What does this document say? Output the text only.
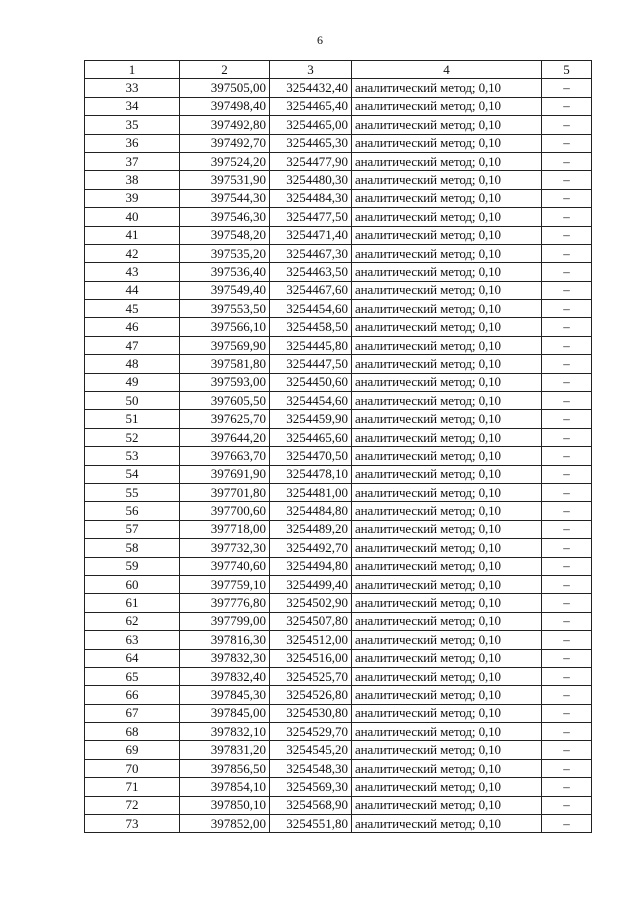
6
1	2	3	4	5
33	397505,00	3254432,40	аналитический метод; 0,10	–
34	397498,40	3254465,40	аналитический метод; 0,10	–
35	397492,80	3254465,00	аналитический метод; 0,10	–
36	397492,70	3254465,30	аналитический метод; 0,10	–
37	397524,20	3254477,90	аналитический метод; 0,10	–
38	397531,90	3254480,30	аналитический метод; 0,10	–
39	397544,30	3254484,30	аналитический метод; 0,10	–
40	397546,30	3254477,50	аналитический метод; 0,10	–
41	397548,20	3254471,40	аналитический метод; 0,10	–
42	397535,20	3254467,30	аналитический метод; 0,10	–
43	397536,40	3254463,50	аналитический метод; 0,10	–
44	397549,40	3254467,60	аналитический метод; 0,10	–
45	397553,50	3254454,60	аналитический метод; 0,10	–
46	397566,10	3254458,50	аналитический метод; 0,10	–
47	397569,90	3254445,80	аналитический метод; 0,10	–
48	397581,80	3254447,50	аналитический метод; 0,10	–
49	397593,00	3254450,60	аналитический метод; 0,10	–
50	397605,50	3254454,60	аналитический метод; 0,10	–
51	397625,70	3254459,90	аналитический метод; 0,10	–
52	397644,20	3254465,60	аналитический метод; 0,10	–
53	397663,70	3254470,50	аналитический метод; 0,10	–
54	397691,90	3254478,10	аналитический метод; 0,10	–
55	397701,80	3254481,00	аналитический метод; 0,10	–
56	397700,60	3254484,80	аналитический метод; 0,10	–
57	397718,00	3254489,20	аналитический метод; 0,10	–
58	397732,30	3254492,70	аналитический метод; 0,10	–
59	397740,60	3254494,80	аналитический метод; 0,10	–
60	397759,10	3254499,40	аналитический метод; 0,10	–
61	397776,80	3254502,90	аналитический метод; 0,10	–
62	397799,00	3254507,80	аналитический метод; 0,10	–
63	397816,30	3254512,00	аналитический метод; 0,10	–
64	397832,30	3254516,00	аналитический метод; 0,10	–
65	397832,40	3254525,70	аналитический метод; 0,10	–
66	397845,30	3254526,80	аналитический метод; 0,10	–
67	397845,00	3254530,80	аналитический метод; 0,10	–
68	397832,10	3254529,70	аналитический метод; 0,10	–
69	397831,20	3254545,20	аналитический метод; 0,10	–
70	397856,50	3254548,30	аналитический метод; 0,10	–
71	397854,10	3254569,30	аналитический метод; 0,10	–
72	397850,10	3254568,90	аналитический метод; 0,10	–
73	397852,00	3254551,80	аналитический метод; 0,10	–
